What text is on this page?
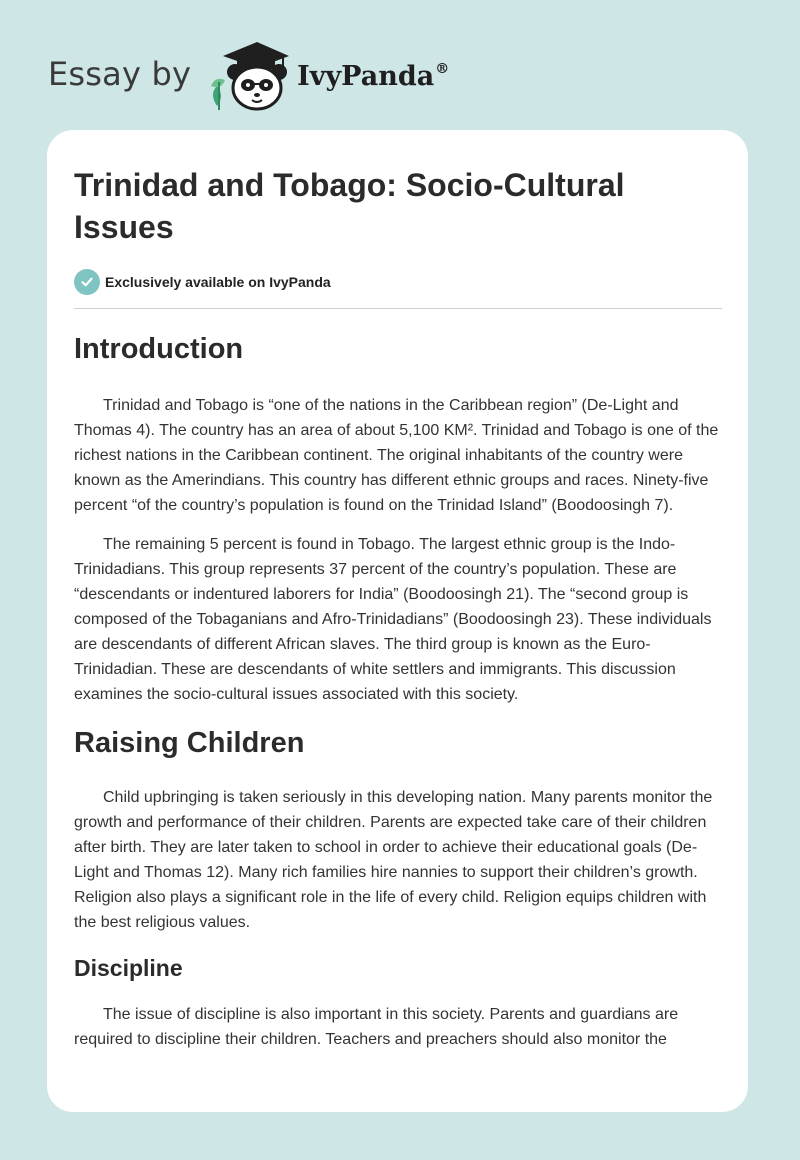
Essay by	IvyPanda®
Trinidad and Tobago: Socio-Cultural Issues
Exclusively available on IvyPanda
Introduction

Trinidad and Tobago is “one of the nations in the Caribbean region” (De-Light and Thomas 4). The country has an area of about 5,100 KM². Trinidad and Tobago is one of the richest nations in the Caribbean continent. The original inhabitants of the country were known as the Amerindians. This country has different ethnic groups and races. Ninety-five percent “of the country’s population is found on the Trinidad Island” (Boodoosingh 7).

The remaining 5 percent is found in Tobago. The largest ethnic group is the Indo-Trinidadians. This group represents 37 percent of the country’s population. These are “descendants or indentured laborers for India” (Boodoosingh 21). The “second group is composed of the Tobaganians and Afro-Trinidadians” (Boodoosingh 23). These individuals are descendants of different African slaves. The third group is known as the Euro-Trinidadian. These are descendants of white settlers and immigrants. This discussion examines the socio-cultural issues associated with this society.

Raising Children

Child upbringing is taken seriously in this developing nation. Many parents monitor the growth and performance of their children. Parents are expected take care of their children after birth. They are later taken to school in order to achieve their educational goals (De-Light and Thomas 12). Many rich families hire nannies to support their children’s growth. Religion also plays a significant role in the life of every child. Religion equips children with the best religious values.

Discipline

The issue of discipline is also important in this society. Parents and guardians are required to discipline their children. Teachers and preachers should also monitor the
